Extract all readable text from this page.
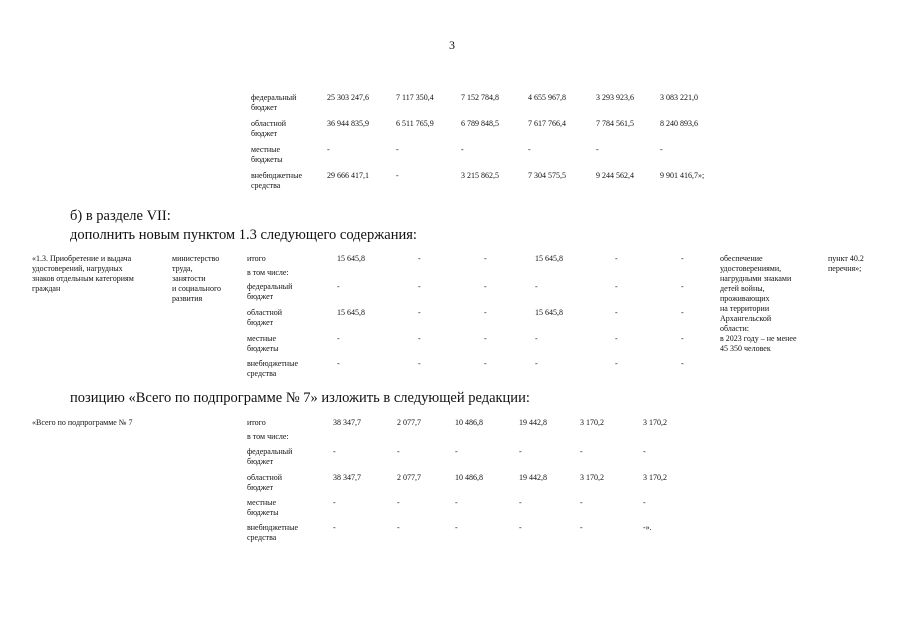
3
федеральный
бюджет
25 303 247,6	7 117 350,4	7 152 784,8	4 655 967,8	3 293 923,6	3 083 221,0
областной
бюджет
36 944 835,9	6 511 765,9	6 789 848,5	7 617 766,4	7 784 561,5	8 240 893,6
местные
бюджеты
-	-	-	-	-	-
внебюджетные
средства
29 666 417,1	-	3 215 862,5	7 304 575,5	9 244 562,4	9 901 416,7»;
б) в разделе VII:
дополнить новым пунктом 1.3 следующего содержания:
«1.3. Приобретение и выдача
удостоверений, нагрудных
знаков отдельным категориям
граждан
министерство
труда,
занятости
и социального
развития
итого	15 645,8	-	-	15 645,8	-	-
в том числе:
федеральный
бюджет
-	-	-	-	-	-
областной
бюджет
15 645,8	-	-	15 645,8	-	-
местные
бюджеты
-	-	-	-	-	-
внебюджетные
средства
-	-	-	-	-	-
обеспечение
удостоверениями,
нагрудными знаками
детей войны,
проживающих
на территории
Архангельской
области:
в 2023 году – не менее
45 350 человек
пункт 40.2
перечня»;
позицию «Всего по подпрограмме № 7» изложить в следующей редакции:
«Всего по подпрограмме № 7	итого	38 347,7	2 077,7	10 486,8	19 442,8	3 170,2	3 170,2
в том числе:
федеральный
бюджет
-	-	-	-	-	-
областной
бюджет
38 347,7	2 077,7	10 486,8	19 442,8	3 170,2	3 170,2
местные
бюджеты
-	-	-	-	-	-
внебюджетные
средства
-	-	-	-	-	-».
